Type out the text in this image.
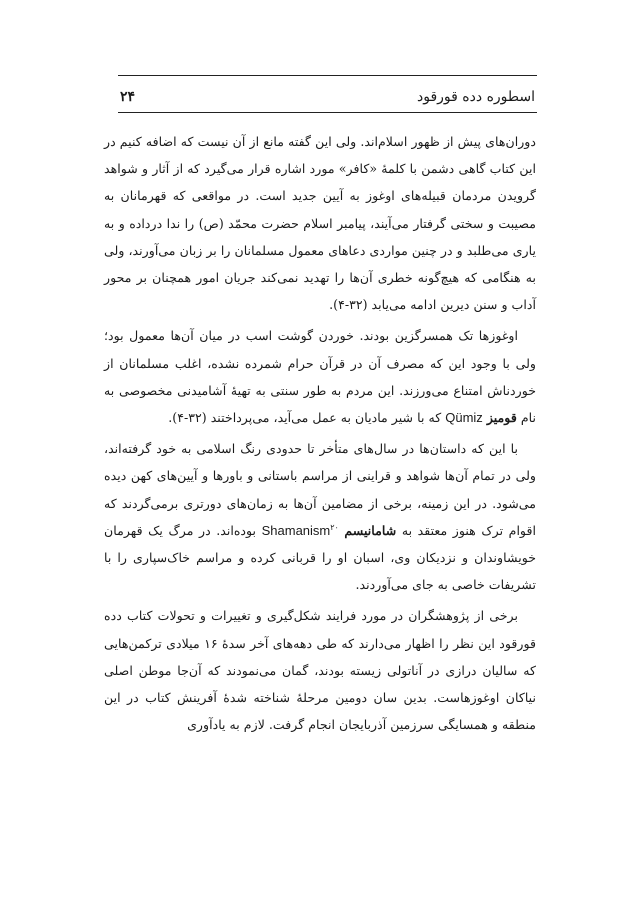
۲۴	اسطوره دده قورقود

دوران‌های پیش از ظهور اسلام‌اند. ولی این گفته مانع از آن نیست که اضافه کنیم در این کتاب گاهی دشمن با کلمهٔ «کافر» مورد اشاره قرار می‌گیرد که از آثار و شواهد گرویدن مردمان قبیله‌های اوغوز به آیین جدید است. در مواقعی که قهرمانان به مصیبت و سختی گرفتار می‌آیند، پیامبر اسلام حضرت محمّد (ص) را ندا درداده و به یاری می‌طلبد و در چنین مواردی دعاهای معمول مسلمانان را بر زبان می‌آورند، ولی به هنگامی که هیچ‌گونه خطری آن‌ها را تهدید نمی‌کند جریان امور همچنان بر محور آداب و سنن دیرین ادامه می‌یابد (۳۲-۴).

اوغوزها تک همسرگزین بودند. خوردن گوشت اسب در میان آن‌ها معمول بود؛ ولی با وجود این که مصرف آن در قرآن حرام شمرده نشده، اغلب مسلمانان از خوردناش امتناع می‌ورزند. این مردم به طور سنتی به تهیهٔ آشامیدنی مخصوصی به نام قومیز Qümiz که با شیر مادیان به عمل می‌آید، می‌پرداختند (۳۲-۴).

با این که داستان‌ها در سال‌های متأخر تا حدودی رنگ اسلامی به خود گرفته‌اند، ولی در تمام آن‌ها شواهد و قراینی از مراسم باستانی و باورها و آیین‌های کهن دیده می‌شود. در این زمینه، برخی از مضامین آن‌ها به زمان‌های دورتری برمی‌گردند که اقوام ترک هنوز معتقد به شامانیسم Shamanism$^{۲۰}$ بوده‌اند. در مرگ یک قهرمان خویشاوندان و نزدیکان وی، اسبان او را قربانی کرده و مراسم خاک‌سپاری را با تشریفات خاصی به جای می‌آوردند.

برخی از پژوهشگران در مورد فرایند شکل‌گیری و تغییرات و تحولات کتاب دده قورقود این نظر را اظهار می‌دارند که طی دهه‌های آخر سدهٔ ۱۶ میلادی ترکمن‌هایی که سالیان درازی در آناتولی زیسته بودند، گمان می‌نمودند که آن‌جا موطن اصلی نیاکان اوغوزهاست. بدین سان دومین مرحلهٔ شناخته شدهٔ آفرینش کتاب در این منطقه و همسایگی سرزمین آذربایجان انجام گرفت. لازم به یادآوری
